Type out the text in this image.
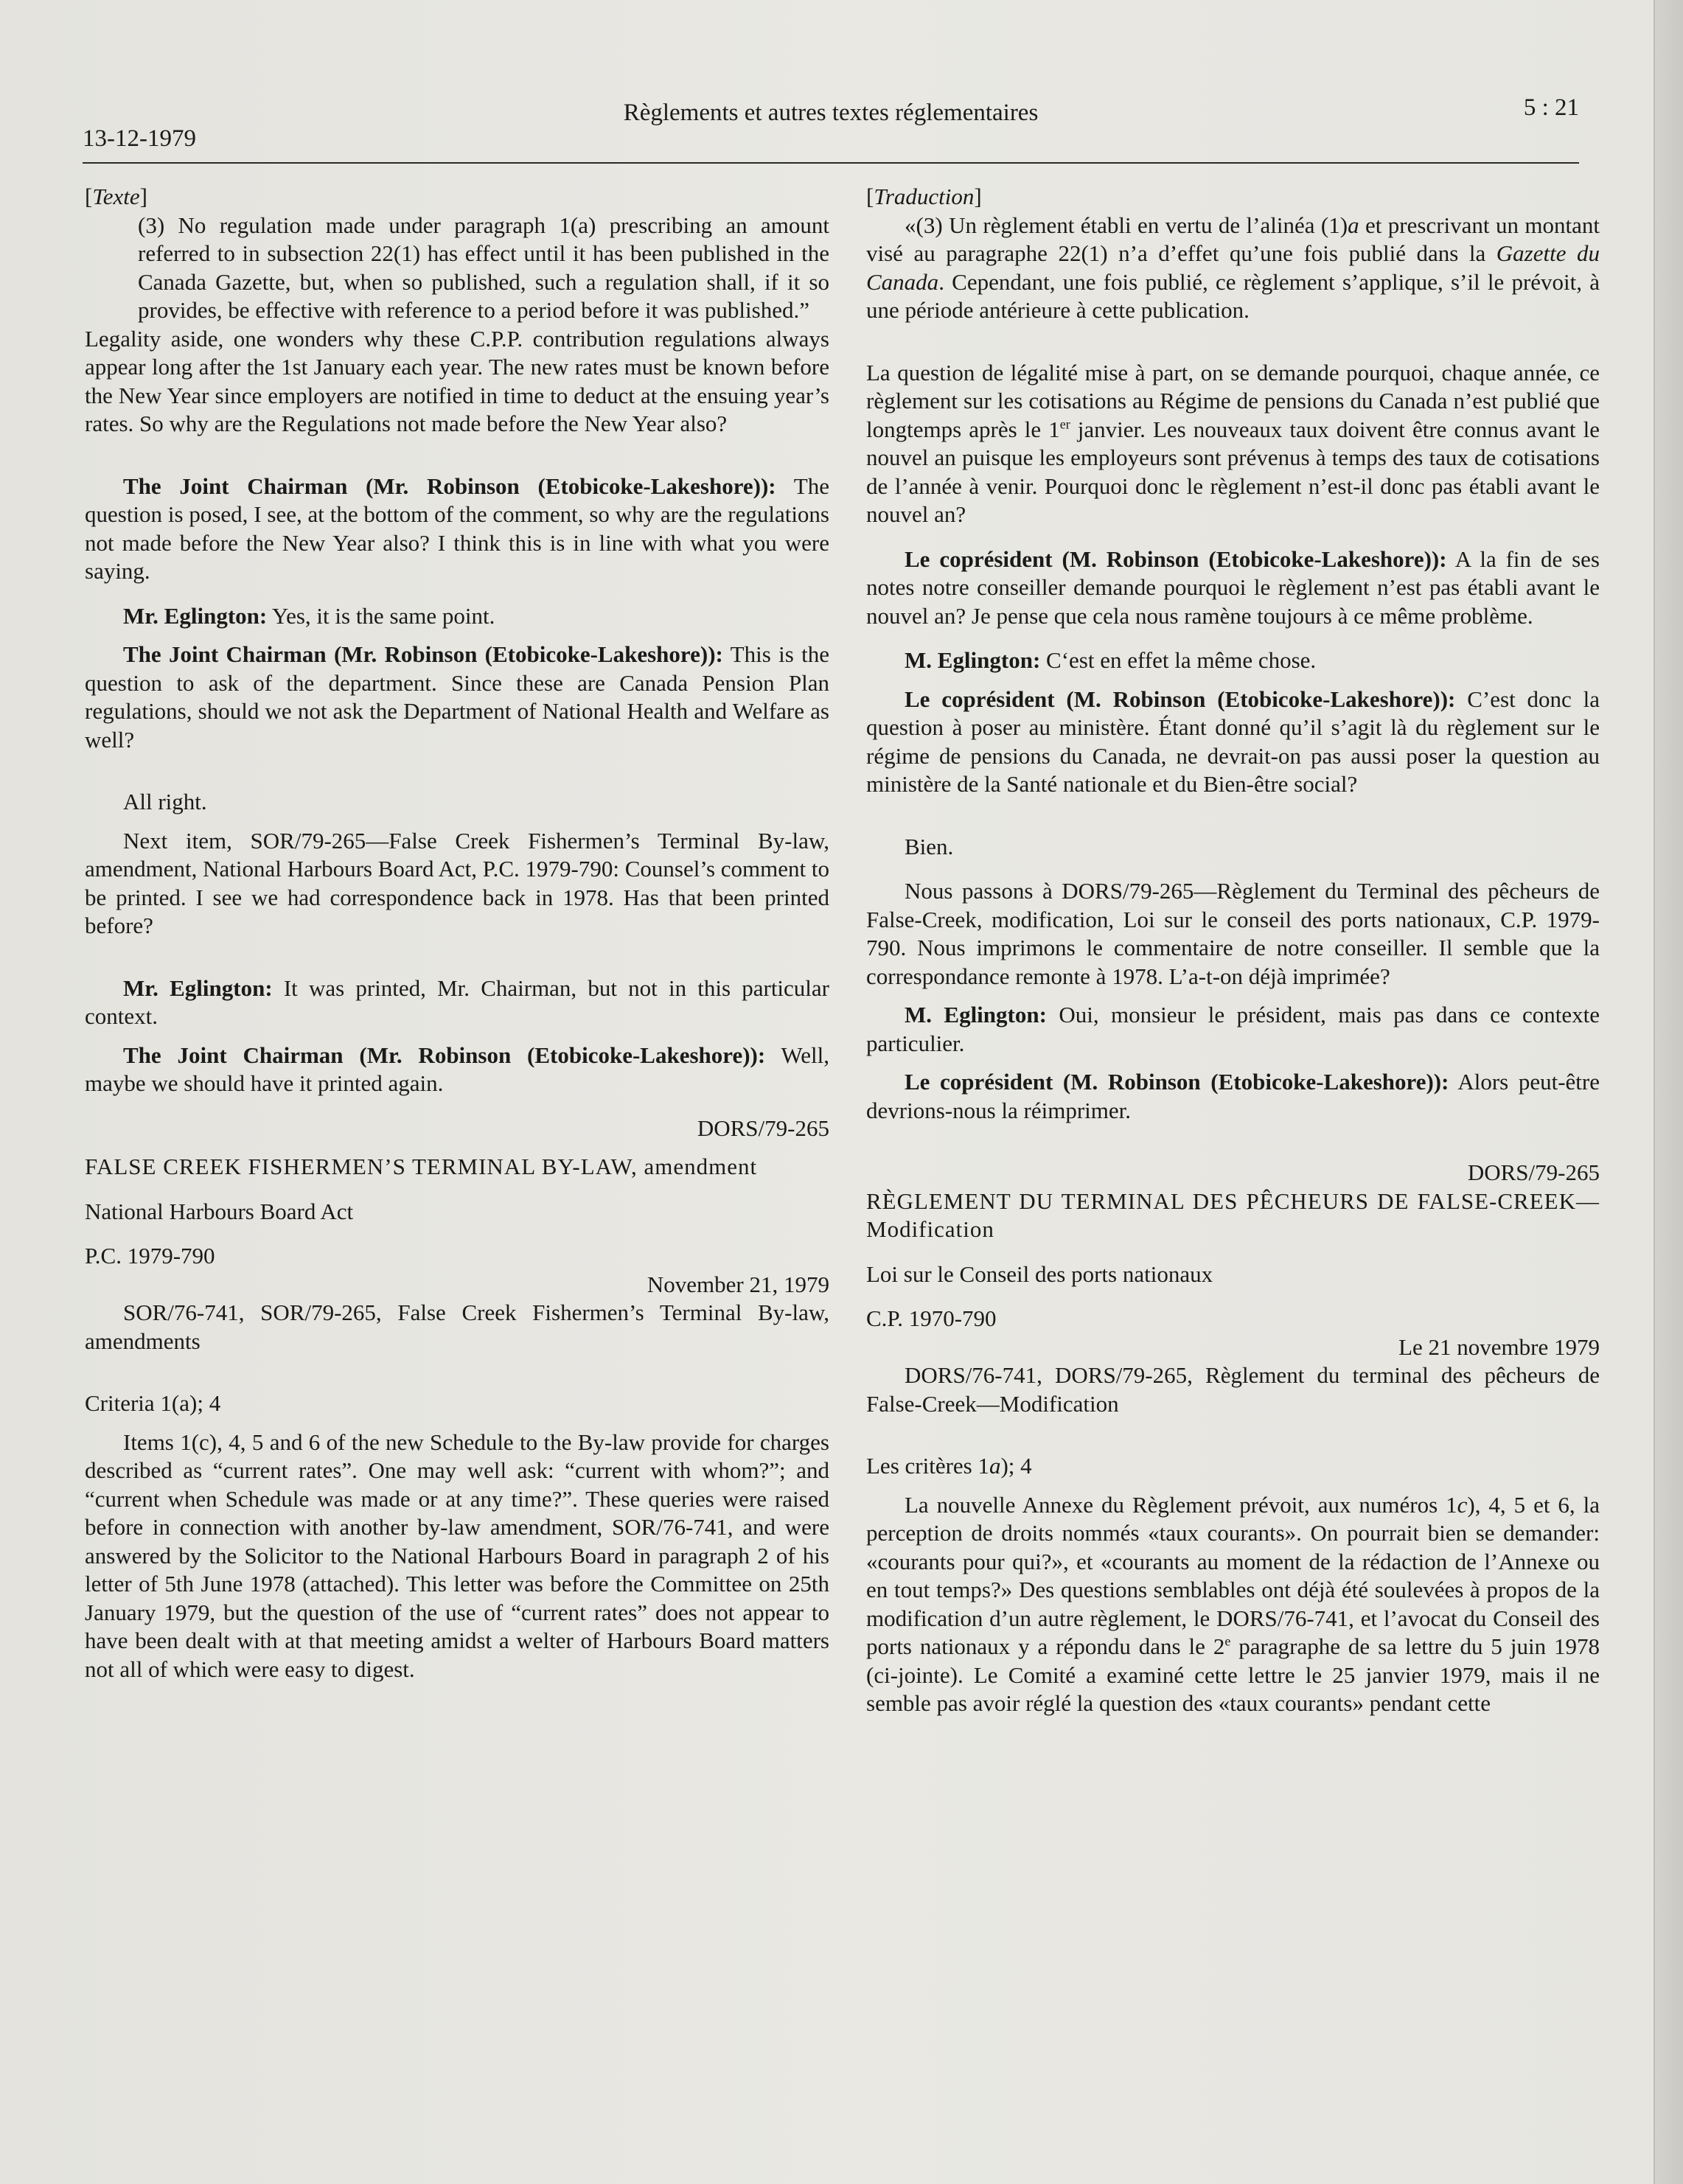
13-12-1979
Règlements et autres textes réglementaires	5 : 21

[Texte]

(3) No regulation made under paragraph 1(a) prescribing an amount referred to in subsection 22(1) has effect until it has been published in the Canada Gazette, but, when so published, such a regulation shall, if it so provides, be effective with reference to a period before it was published.”

Legality aside, one wonders why these C.P.P. contribution regulations always appear long after the 1st January each year. The new rates must be known before the New Year since employers are notified in time to deduct at the ensuing year’s rates. So why are the Regulations not made before the New Year also?

The Joint Chairman (Mr. Robinson (Etobicoke-Lakeshore)): The question is posed, I see, at the bottom of the comment, so why are the regulations not made before the New Year also? I think this is in line with what you were saying.

Mr. Eglington: Yes, it is the same point.

The Joint Chairman (Mr. Robinson (Etobicoke-Lakeshore)): This is the question to ask of the department. Since these are Canada Pension Plan regulations, should we not ask the Department of National Health and Welfare as well?

All right.

Next item, SOR/79-265—False Creek Fishermen’s Terminal By-law, amendment, National Harbours Board Act, P.C. 1979-790: Counsel’s comment to be printed. I see we had correspondence back in 1978. Has that been printed before?

Mr. Eglington: It was printed, Mr. Chairman, but not in this particular context.

The Joint Chairman (Mr. Robinson (Etobicoke-Lakeshore)): Well, maybe we should have it printed again.

DORS/79-265

FALSE CREEK FISHERMEN’S TERMINAL BY-LAW, amendment

National Harbours Board Act

P.C. 1979-790

November 21, 1979

SOR/76-741, SOR/79-265, False Creek Fishermen’s Terminal By-law, amendments

Criteria 1(a); 4

Items 1(c), 4, 5 and 6 of the new Schedule to the By-law provide for charges described as “current rates”. One may well ask: “current with whom?”; and “current when Schedule was made or at any time?”. These queries were raised before in connection with another by-law amendment, SOR/76-741, and were answered by the Solicitor to the National Harbours Board in paragraph 2 of his letter of 5th June 1978 (attached). This letter was before the Committee on 25th January 1979, but the question of the use of “current rates” does not appear to have been dealt with at that meeting amidst a welter of Harbours Board matters not all of which were easy to digest.

[Traduction]

«(3) Un règlement établi en vertu de l’alinéa (1)a et prescrivant un montant visé au paragraphe 22(1) n’a d’effet qu’une fois publié dans la Gazette du Canada. Cependant, une fois publié, ce règlement s’applique, s’il le prévoit, à une période antérieure à cette publication.

La question de légalité mise à part, on se demande pourquoi, chaque année, ce règlement sur les cotisations au Régime de pensions du Canada n’est publié que longtemps après le 1er janvier. Les nouveaux taux doivent être connus avant le nouvel an puisque les employeurs sont prévenus à temps des taux de cotisations de l’année à venir. Pourquoi donc le règlement n’est-il donc pas établi avant le nouvel an?

Le coprésident (M. Robinson (Etobicoke-Lakeshore)): A la fin de ses notes notre conseiller demande pourquoi le règlement n’est pas établi avant le nouvel an? Je pense que cela nous ramène toujours à ce même problème.

M. Eglington: C‘est en effet la même chose.

Le coprésident (M. Robinson (Etobicoke-Lakeshore)): C’est donc la question à poser au ministère. Étant donné qu’il s’agit là du règlement sur le régime de pensions du Canada, ne devrait-on pas aussi poser la question au ministère de la Santé nationale et du Bien-être social?

Bien.

Nous passons à DORS/79-265—Règlement du Terminal des pêcheurs de False-Creek, modification, Loi sur le conseil des ports nationaux, C.P. 1979-790. Nous imprimons le commentaire de notre conseiller. Il semble que la correspondance remonte à 1978. L’a-t-on déjà imprimée?

M. Eglington: Oui, monsieur le président, mais pas dans ce contexte particulier.

Le coprésident (M. Robinson (Etobicoke-Lakeshore)): Alors peut-être devrions-nous la réimprimer.

DORS/79-265

RÈGLEMENT DU TERMINAL DES PÊCHEURS DE FALSE-CREEK—Modification

Loi sur le Conseil des ports nationaux

C.P. 1970-790

Le 21 novembre 1979

DORS/76-741, DORS/79-265, Règlement du terminal des pêcheurs de False-Creek—Modification

Les critères 1a); 4

La nouvelle Annexe du Règlement prévoit, aux numéros 1c), 4, 5 et 6, la perception de droits nommés «taux courants». On pourrait bien se demander: «courants pour qui?», et «courants au moment de la rédaction de l’Annexe ou en tout temps?» Des questions semblables ont déjà été soulevées à propos de la modification d’un autre règlement, le DORS/76-741, et l’avocat du Conseil des ports nationaux y a répondu dans le 2e paragraphe de sa lettre du 5 juin 1978 (ci-jointe). Le Comité a examiné cette lettre le 25 janvier 1979, mais il ne semble pas avoir réglé la question des «taux courants» pendant cette
